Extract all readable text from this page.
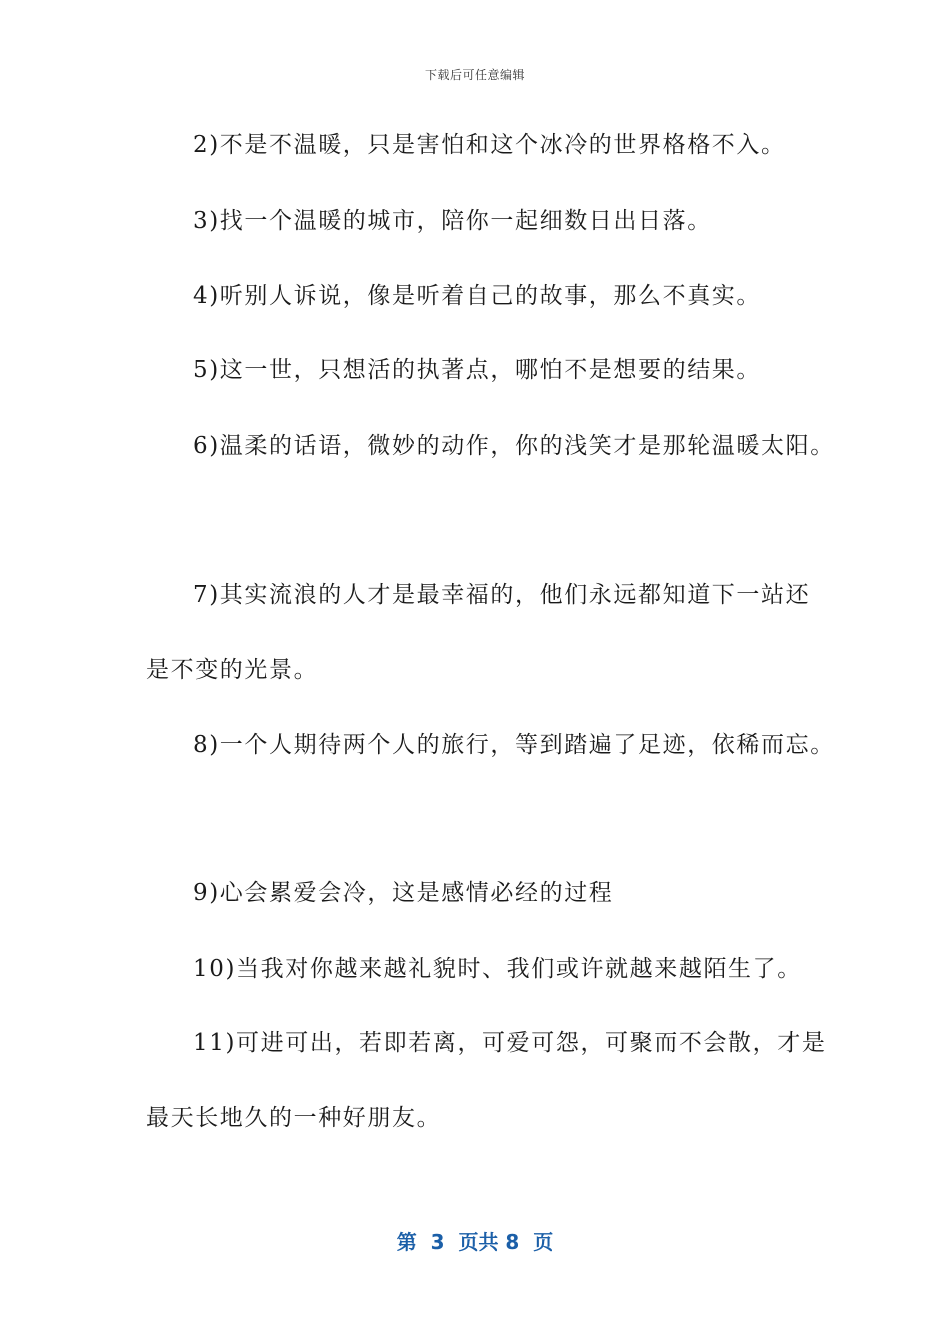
下载后可任意编辑
2)不是不温暖，只是害怕和这个冰冷的世界格格不入。
3)找一个温暖的城市，陪你一起细数日出日落。
4)听别人诉说，像是听着自己的故事，那么不真实。
5)这一世，只想活的执著点，哪怕不是想要的结果。
6)温柔的话语，微妙的动作，你的浅笑才是那轮温暖太阳。
7)其实流浪的人才是最幸福的，他们永远都知道下一站还
是不变的光景。
8)一个人期待两个人的旅行，等到踏遍了足迹，依稀而忘。
9)心会累爱会冷，这是感情必经的过程
10)当我对你越来越礼貌时、我们或许就越来越陌生了。
11)可进可出，若即若离，可爱可怨，可聚而不会散，才是
最天长地久的一种好朋友。
第  3  页共 8  页
